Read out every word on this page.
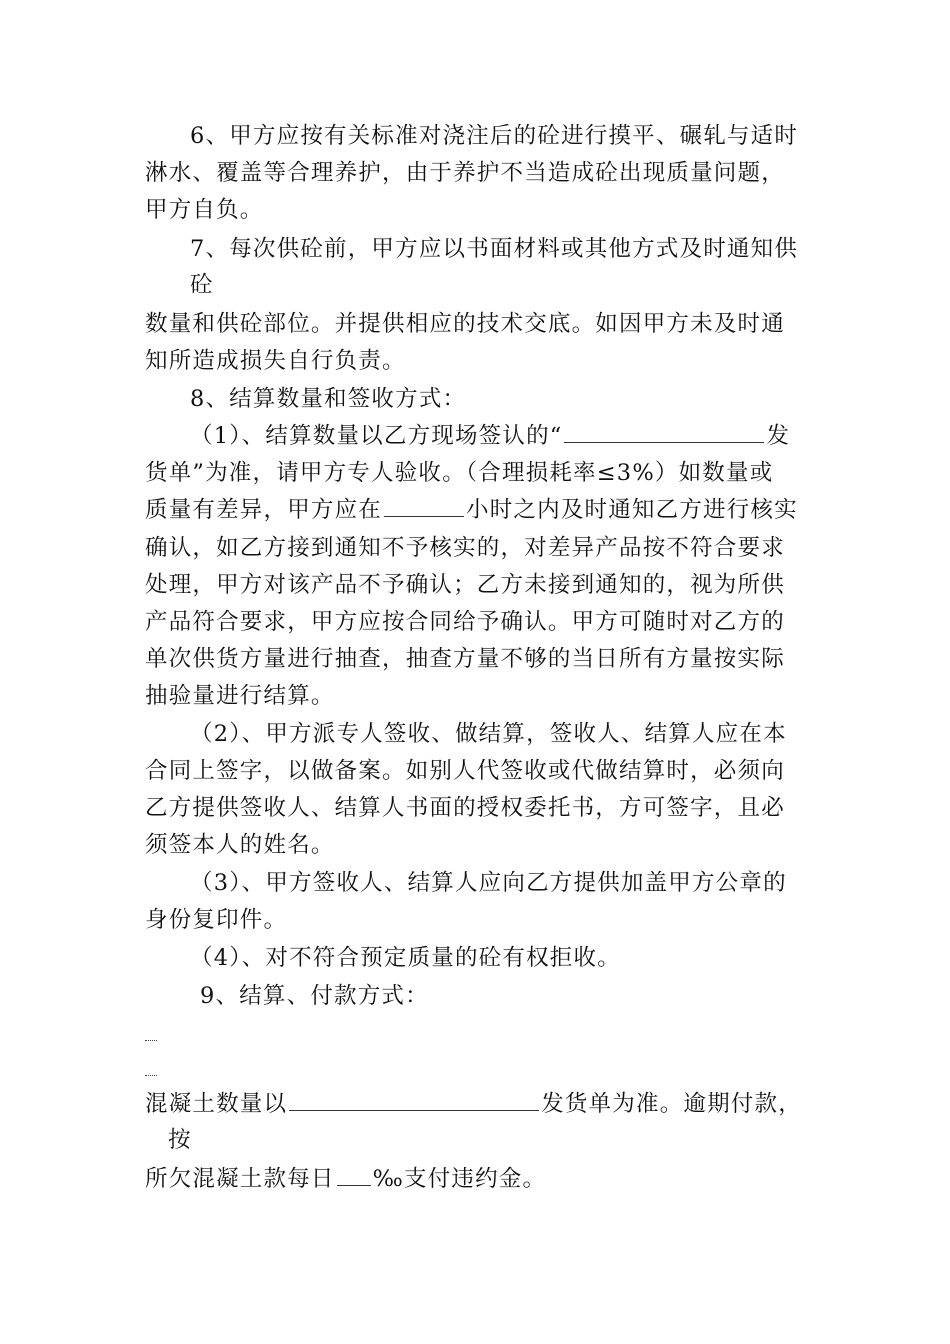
6、甲方应按有关标准对浇注后的砼进行摸平、碾轧与适时
淋水、覆盖等合理养护，由于养护不当造成砼出现质量问题，
甲方自负。
7、每次供砼前，甲方应以书面材料或其他方式及时通知供
砼
数量和供砼部位。并提供相应的技术交底。如因甲方未及时通
知所造成损失自行负责。
8、结算数量和签收方式：
（1）、结算数量以乙方现场签认的“	发
货单”为准，请甲方专人验收。（合理损耗率≤3%）如数量或
质量有差异，甲方应在	小时之内及时通知乙方进行核实
确认，如乙方接到通知不予核实的，对差异产品按不符合要求
处理，甲方对该产品不予确认；乙方未接到通知的，视为所供
产品符合要求，甲方应按合同给予确认。甲方可随时对乙方的
单次供货方量进行抽查，抽查方量不够的当日所有方量按实际
抽验量进行结算。
（2）、甲方派专人签收、做结算，签收人、结算人应在本
合同上签字，以做备案。如别人代签收或代做结算时，必须向
乙方提供签收人、结算人书面的授权委托书，方可签字，且必
须签本人的姓名。
（3）、甲方签收人、结算人应向乙方提供加盖甲方公章的
身份复印件。
（4）、对不符合预定质量的砼有权拒收。
9、结算、付款方式：
混凝土数量以	发货单为准。逾期付款，
按
所欠混凝土款每日 ‰支付违约金。
